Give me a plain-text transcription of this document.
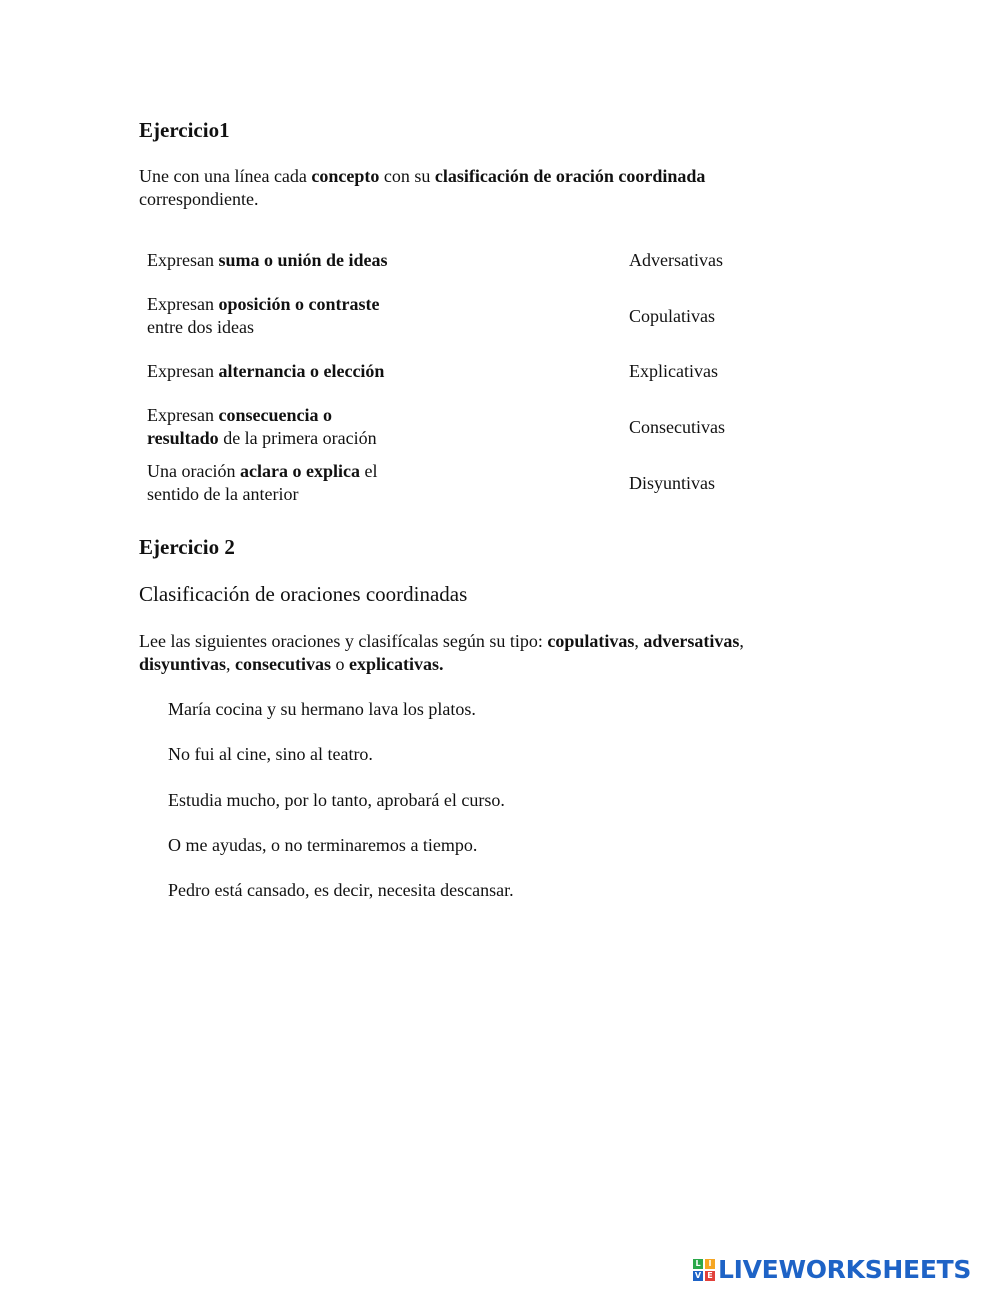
Ejercicio1
Une con una línea cada concepto con su clasificación de oración coordinada
correspondiente.
Expresan suma o unión de ideas
Expresan oposición o contraste
entre dos ideas
Expresan alternancia o elección
Expresan consecuencia o
resultado de la primera oración
Una oración aclara o explica el
sentido de la anterior
Adversativas
Copulativas
Explicativas
Consecutivas
Disyuntivas
Ejercicio 2
Clasificación de oraciones coordinadas
Lee las siguientes oraciones y clasifícalas según su tipo: copulativas, adversativas,
disyuntivas, consecutivas o explicativas.
María cocina y su hermano lava los platos.
No fui al cine, sino al teatro.
Estudia mucho, por lo tanto, aprobará el curso.
O me ayudas, o no terminaremos a tiempo.
Pedro está cansado, es decir, necesita descansar.
L I
V E LIVEWORKSHEETS
